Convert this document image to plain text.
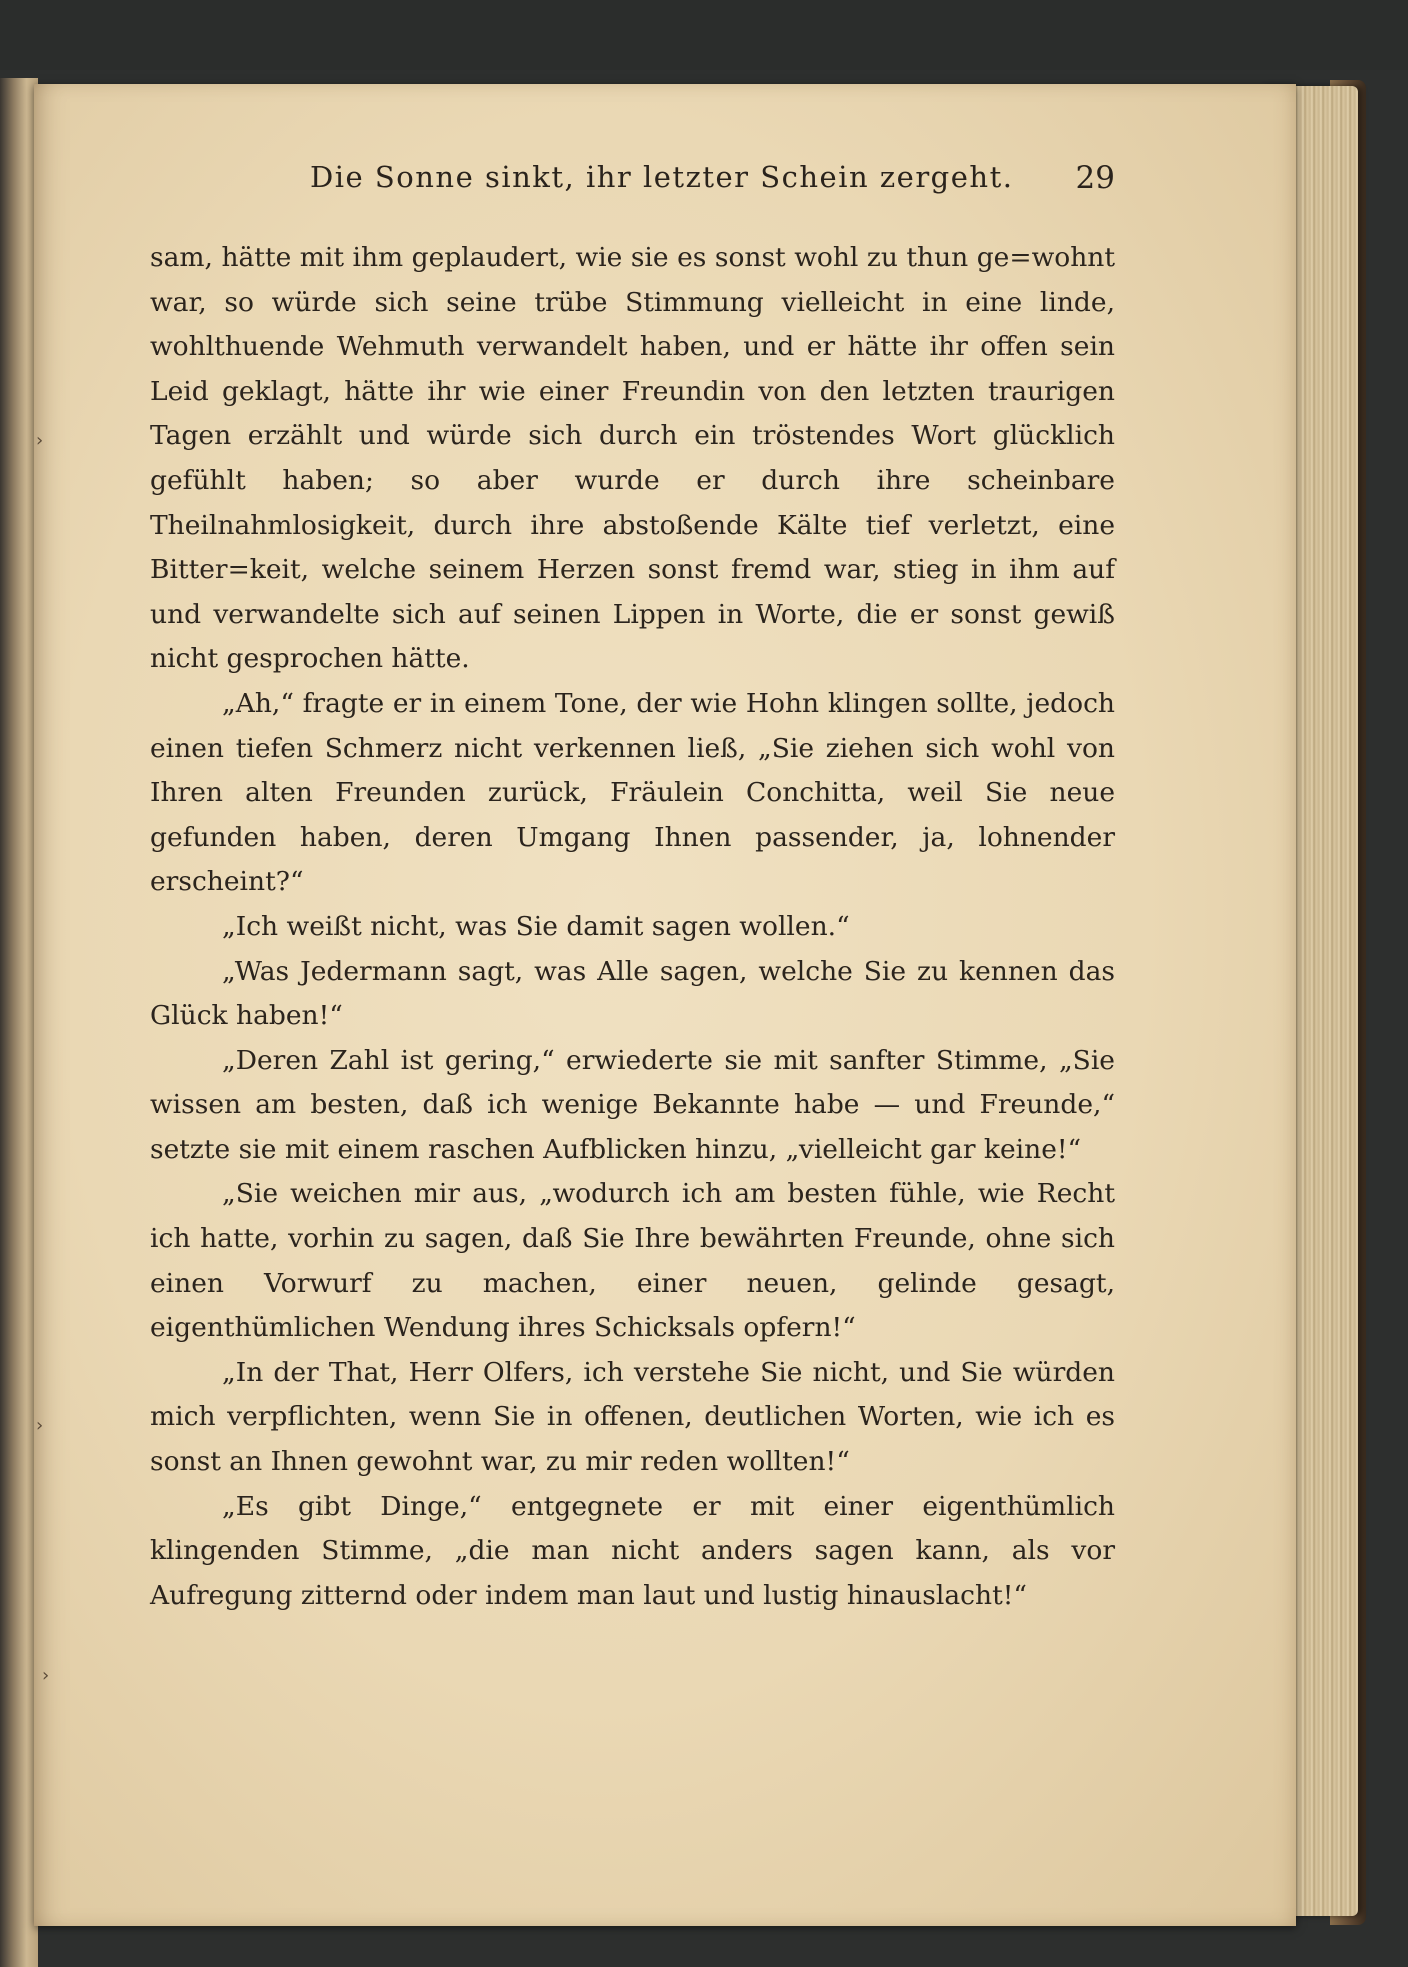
Die Sonne sinkt, ihr letzter Schein zergeht. 29

sam, hätte mit ihm geplaudert, wie sie es sonst wohl zu thun ge=wohnt war, so würde sich seine trübe Stimmung vielleicht in eine linde, wohlthuende Wehmuth verwandelt haben, und er hätte ihr offen sein Leid geklagt, hätte ihr wie einer Freundin von den letzten traurigen Tagen erzählt und würde sich durch ein tröstendes Wort glücklich gefühlt haben; so aber wurde er durch ihre scheinbare Theilnahmlosigkeit, durch ihre abstoßende Kälte tief verletzt, eine Bitter=keit, welche seinem Herzen sonst fremd war, stieg in ihm auf und verwandelte sich auf seinen Lippen in Worte, die er sonst gewiß nicht gesprochen hätte.

„Ah,“ fragte er in einem Tone, der wie Hohn klingen sollte, jedoch einen tiefen Schmerz nicht verkennen ließ, „Sie ziehen sich wohl von Ihren alten Freunden zurück, Fräulein Conchitta, weil Sie neue gefunden haben, deren Umgang Ihnen passender, ja, lohnender erscheint?“

„Ich weißt nicht, was Sie damit sagen wollen.“

„Was Jedermann sagt, was Alle sagen, welche Sie zu kennen das Glück haben!“

„Deren Zahl ist gering,“ erwiederte sie mit sanfter Stimme, „Sie wissen am besten, daß ich wenige Bekannte habe — und Freunde,“ setzte sie mit einem raschen Aufblicken hinzu, „vielleicht gar keine!“

„Sie weichen mir aus, „wodurch ich am besten fühle, wie Recht ich hatte, vorhin zu sagen, daß Sie Ihre bewährten Freunde, ohne sich einen Vorwurf zu machen, einer neuen, gelinde gesagt, eigenthümlichen Wendung ihres Schicksals opfern!“

„In der That, Herr Olfers, ich verstehe Sie nicht, und Sie würden mich verpflichten, wenn Sie in offenen, deutlichen Worten, wie ich es sonst an Ihnen gewohnt war, zu mir reden wollten!“

„Es gibt Dinge,“ entgegnete er mit einer eigenthümlich klingenden Stimme, „die man nicht anders sagen kann, als vor Aufregung zitternd oder indem man laut und lustig hinauslacht!“

›
›
›
